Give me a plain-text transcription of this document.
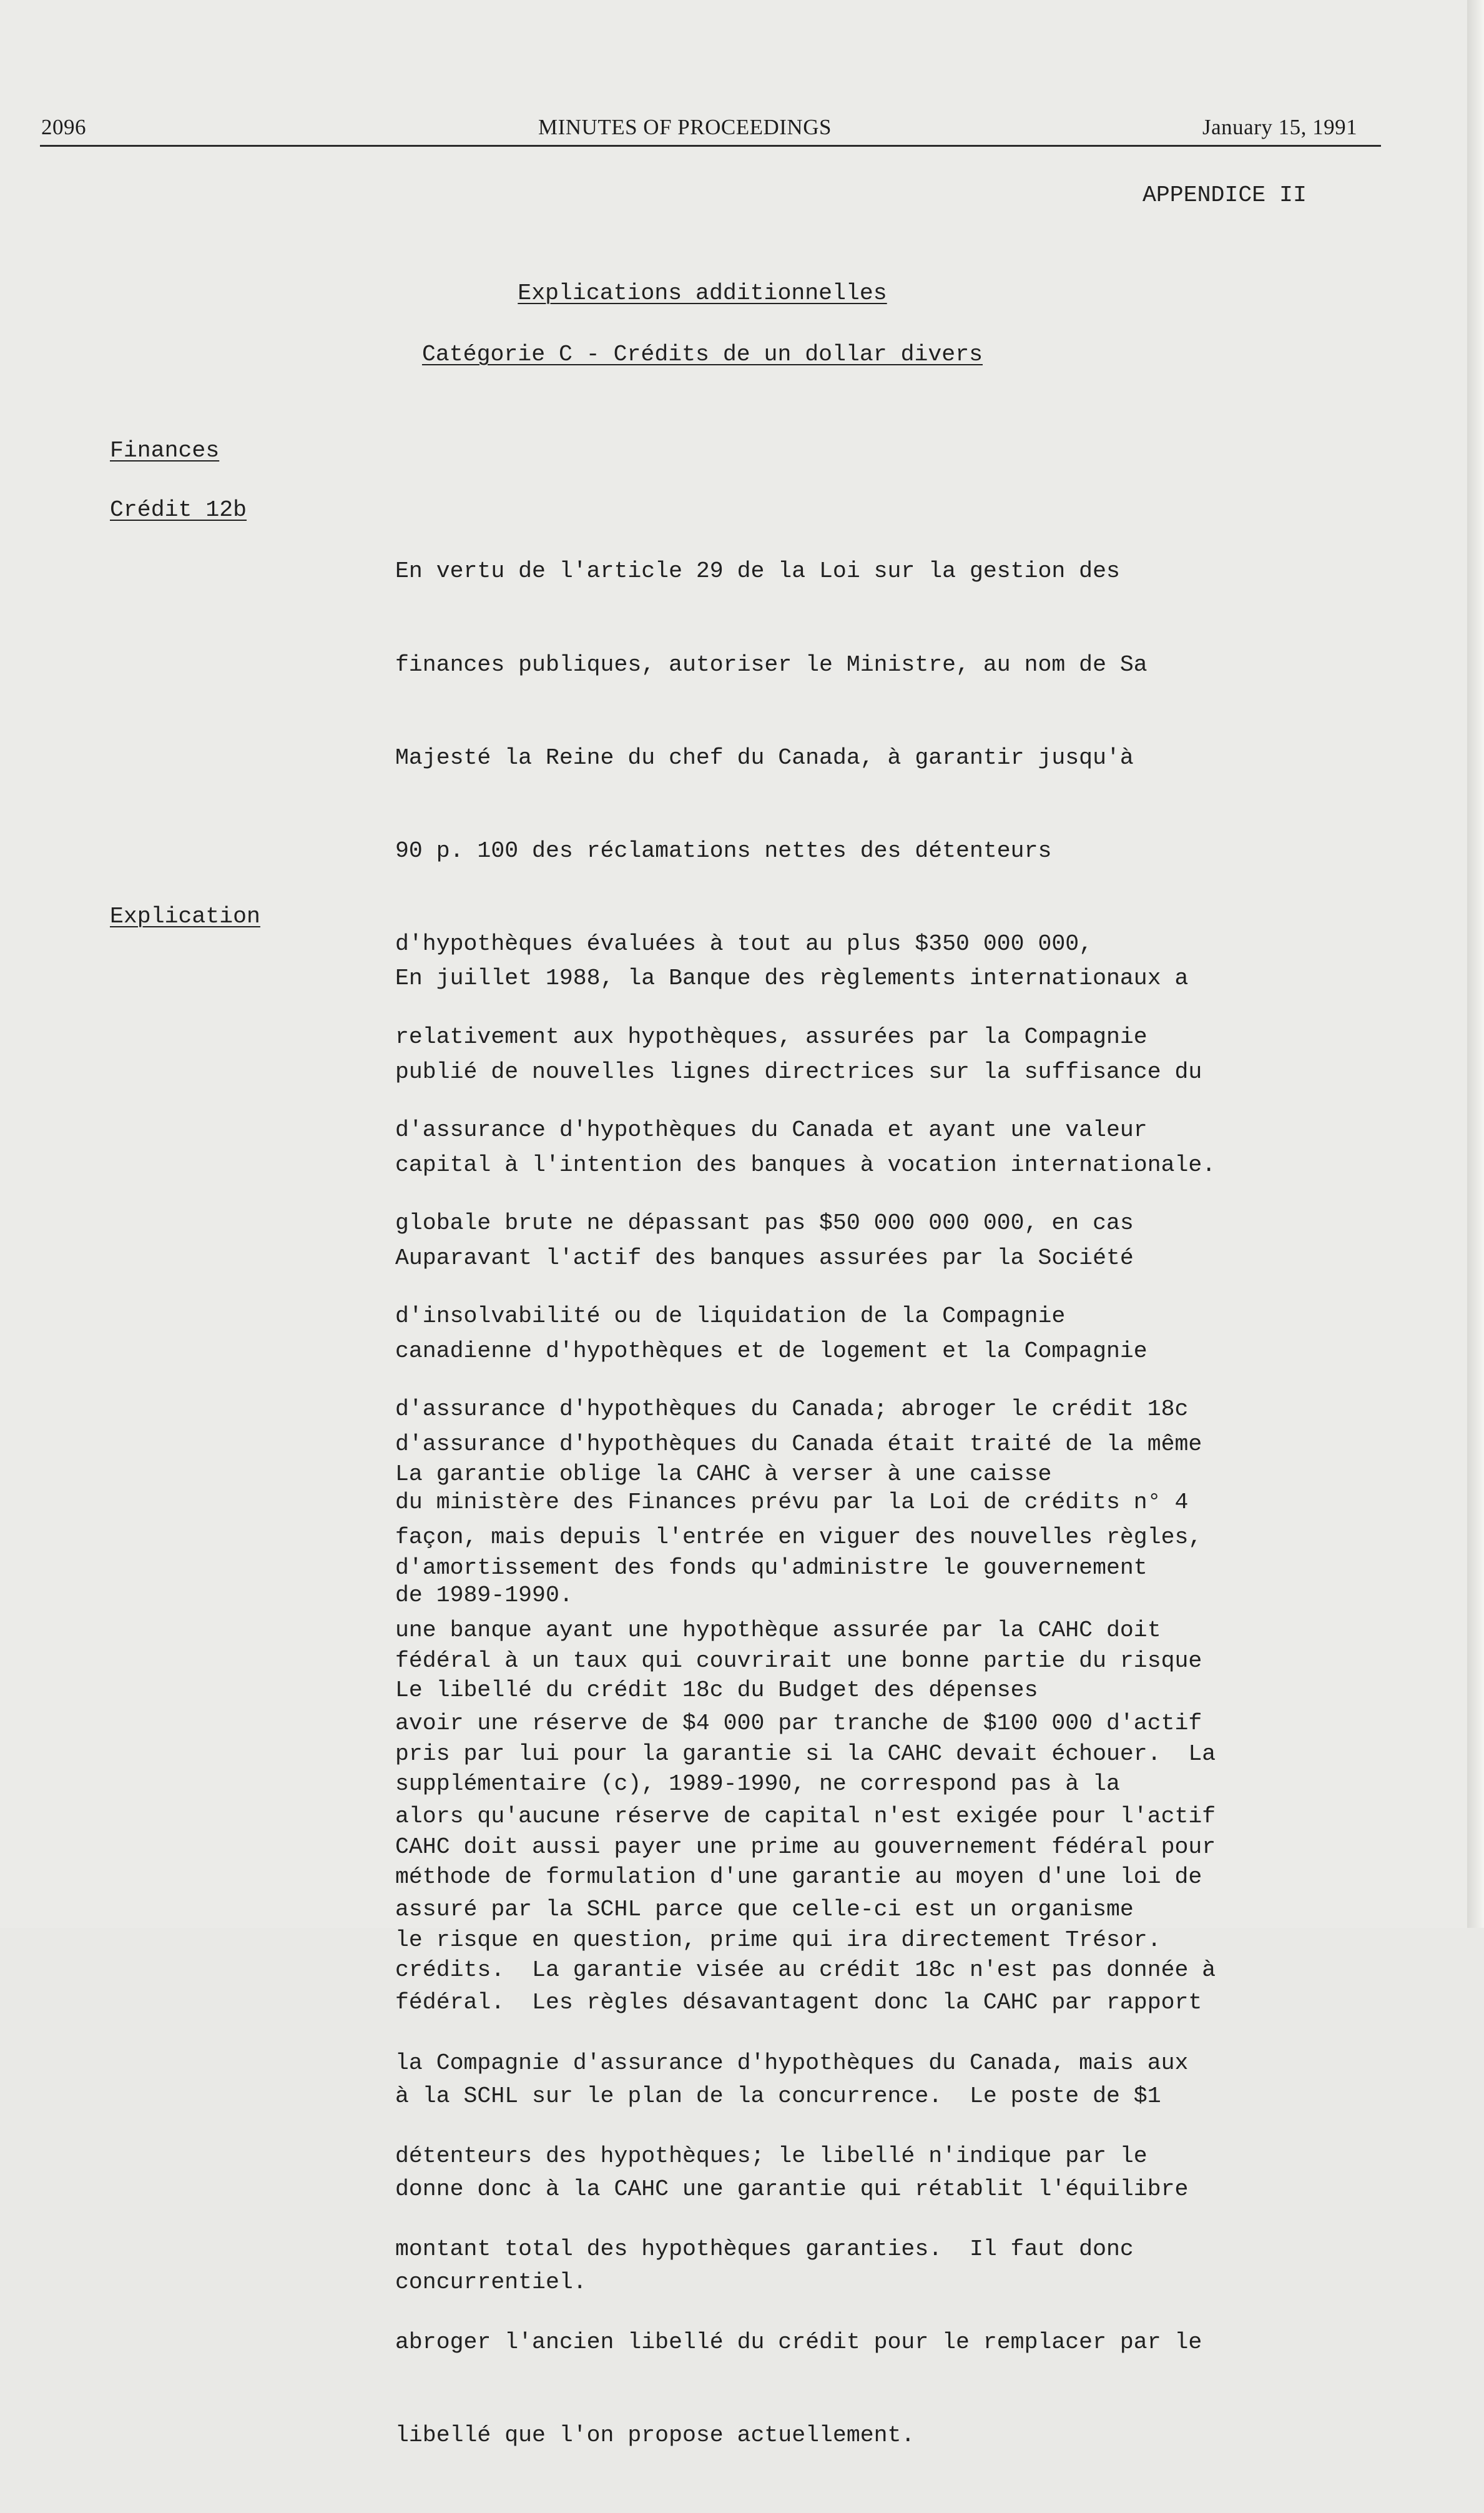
2096	MINUTES OF PROCEEDINGS	January 15, 1991
APPENDICE II
Explications additionnelles
Catégorie C - Crédits de un dollar divers
Finances
Crédit 12b

En vertu de l'article 29 de la Loi sur la gestion des

finances publiques, autoriser le Ministre, au nom de Sa

Majesté la Reine du chef du Canada, à garantir jusqu'à

90 p. 100 des réclamations nettes des détenteurs

d'hypothèques évaluées à tout au plus $350 000 000,

relativement aux hypothèques, assurées par la Compagnie

d'assurance d'hypothèques du Canada et ayant une valeur

globale brute ne dépassant pas $50 000 000 000, en cas

d'insolvabilité ou de liquidation de la Compagnie

d'assurance d'hypothèques du Canada; abroger le crédit 18c

du ministère des Finances prévu par la Loi de crédits n° 4

de 1989-1990.

Explication

En juillet 1988, la Banque des règlements internationaux a

publié de nouvelles lignes directrices sur la suffisance du

capital à l'intention des banques à vocation internationale.

Auparavant l'actif des banques assurées par la Société

canadienne d'hypothèques et de logement et la Compagnie

d'assurance d'hypothèques du Canada était traité de la même

façon, mais depuis l'entrée en viguer des nouvelles règles,

une banque ayant une hypothèque assurée par la CAHC doit

avoir une réserve de $4 000 par tranche de $100 000 d'actif

alors qu'aucune réserve de capital n'est exigée pour l'actif

assuré par la SCHL parce que celle-ci est un organisme

fédéral.  Les règles désavantagent donc la CAHC par rapport

à la SCHL sur le plan de la concurrence.  Le poste de $1

donne donc à la CAHC une garantie qui rétablit l'équilibre

concurrentiel.

La garantie oblige la CAHC à verser à une caisse

d'amortissement des fonds qu'administre le gouvernement

fédéral à un taux qui couvrirait une bonne partie du risque

pris par lui pour la garantie si la CAHC devait échouer.  La

CAHC doit aussi payer une prime au gouvernement fédéral pour

le risque en question, prime qui ira directement Trésor.

Le libellé du crédit 18c du Budget des dépenses

supplémentaire (c), 1989-1990, ne correspond pas à la

méthode de formulation d'une garantie au moyen d'une loi de

crédits.  La garantie visée au crédit 18c n'est pas donnée à

la Compagnie d'assurance d'hypothèques du Canada, mais aux

détenteurs des hypothèques; le libellé n'indique par le

montant total des hypothèques garanties.  Il faut donc

abroger l'ancien libellé du crédit pour le remplacer par le

libellé que l'on propose actuellement.
